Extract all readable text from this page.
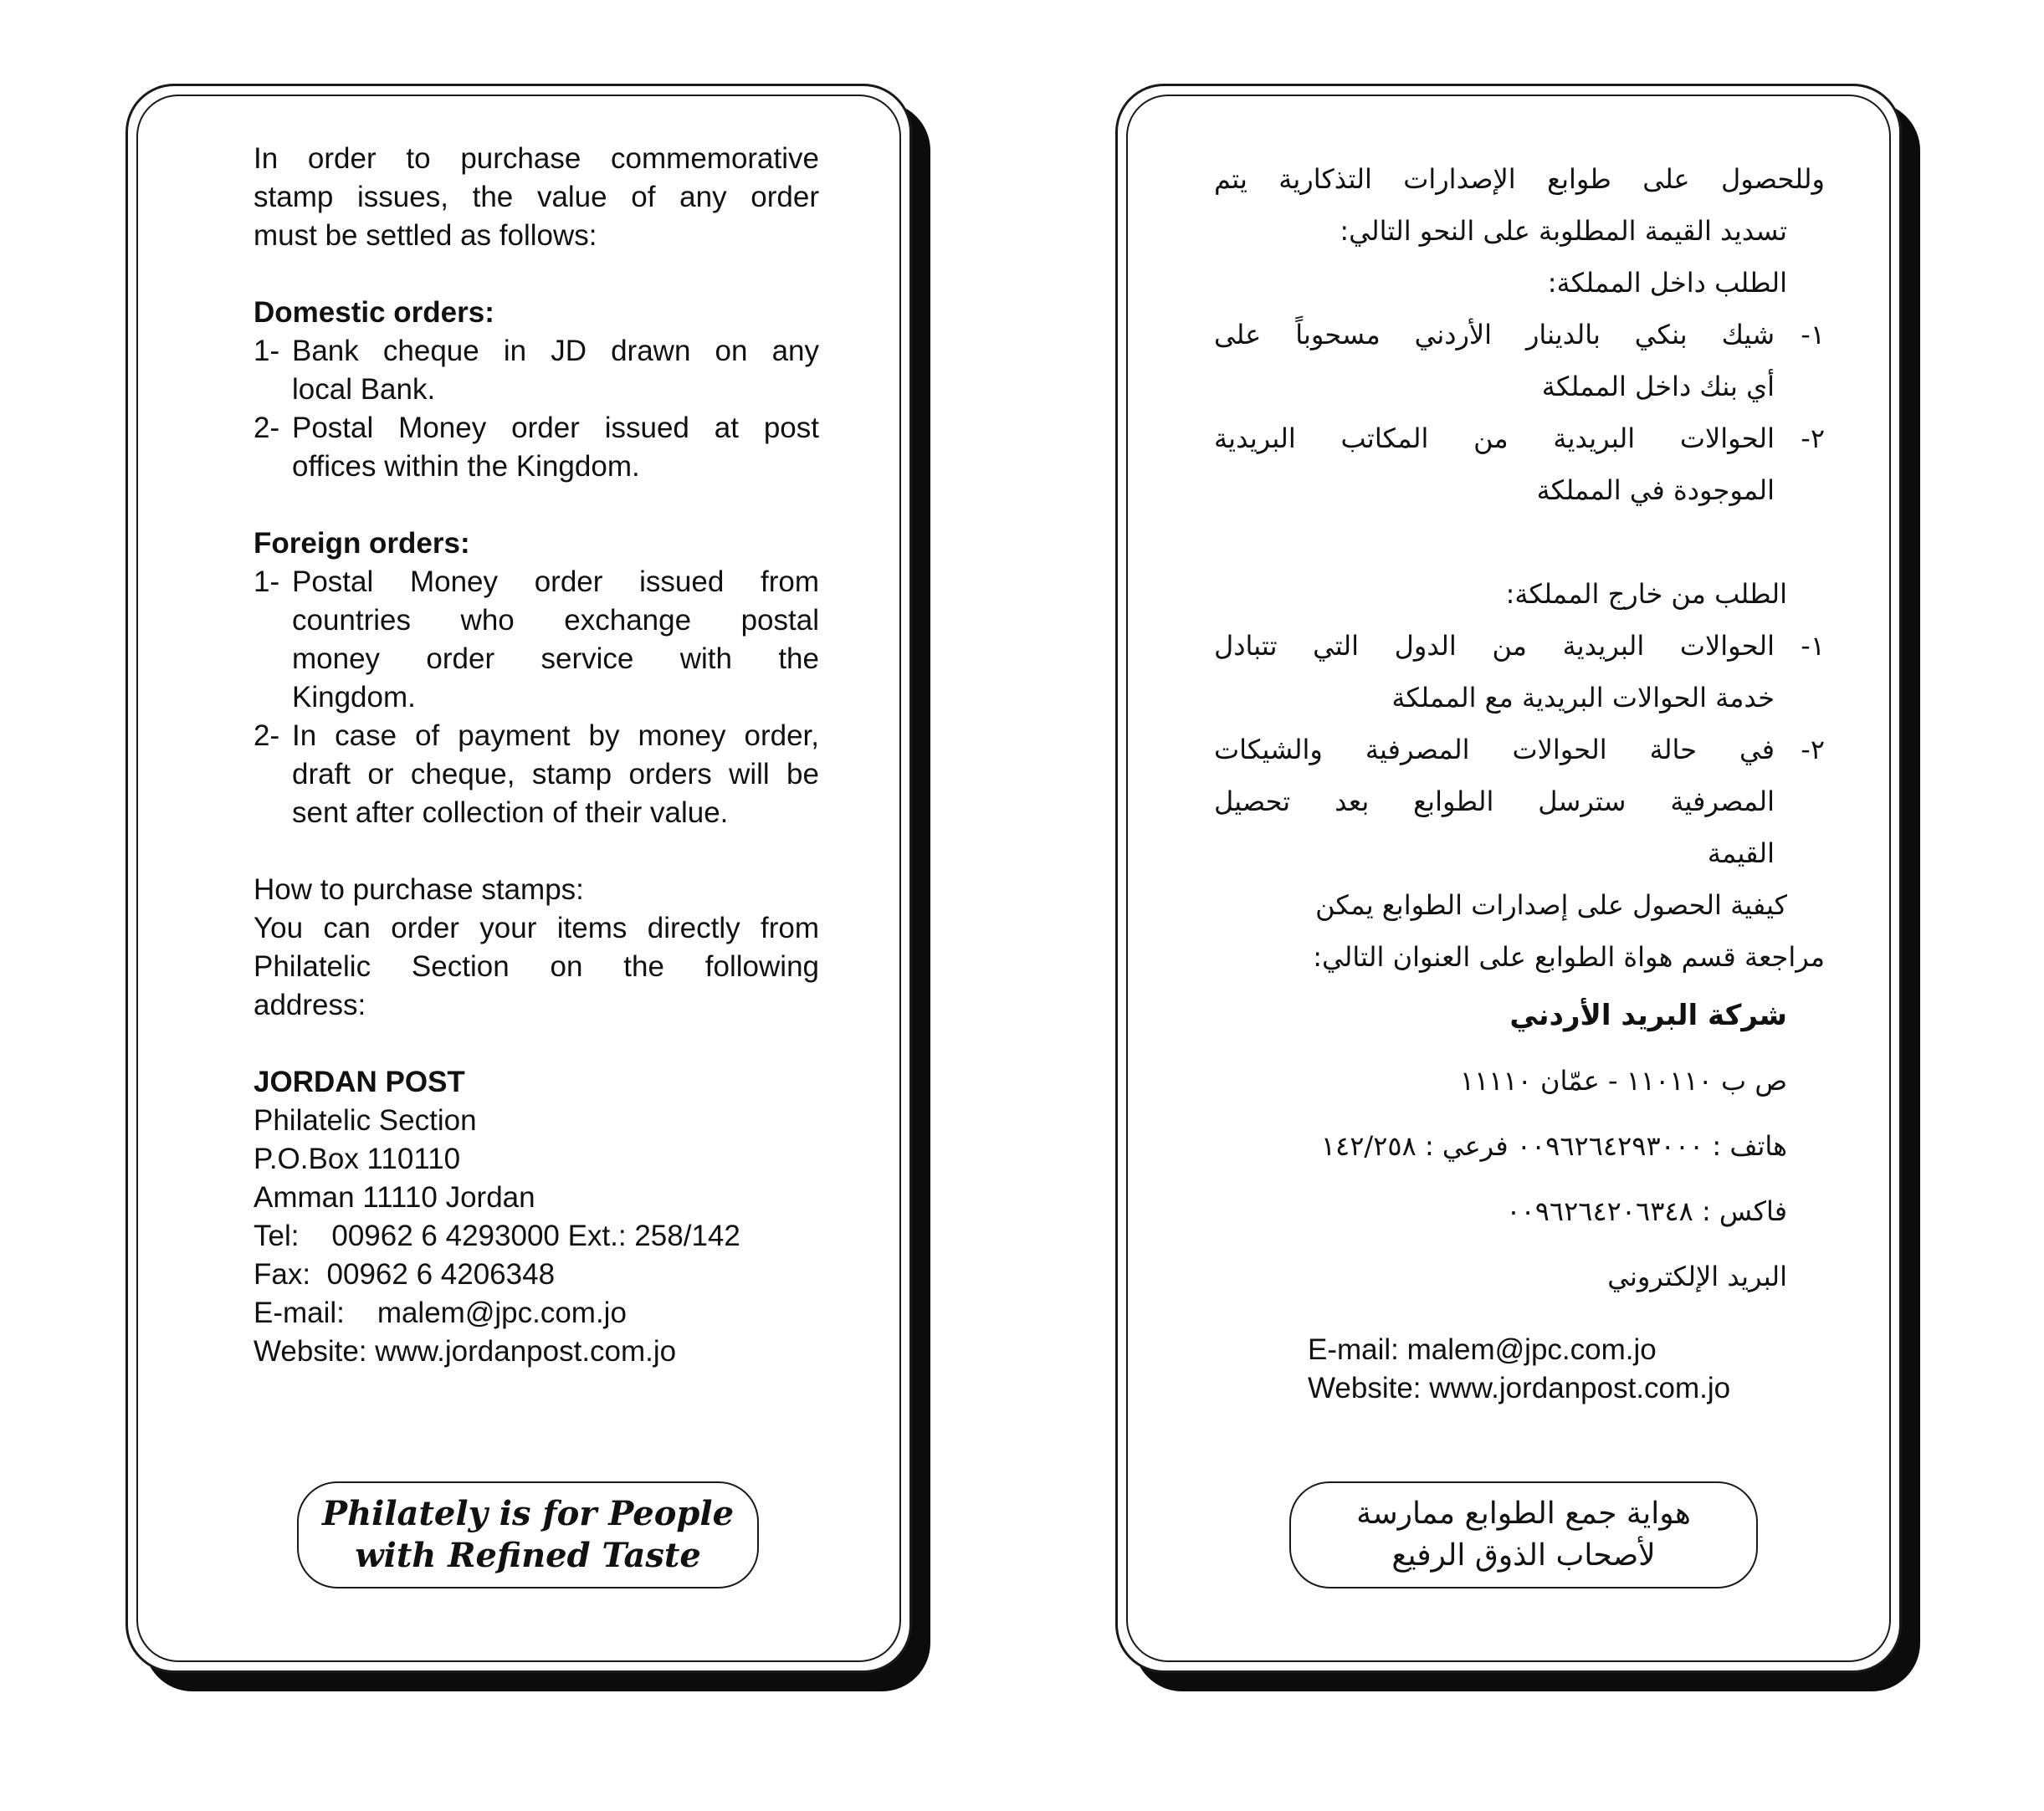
In order to purchase commemorative

stamp issues, the value of any order

must be settled as follows:

Domestic orders:

1- Bank cheque in JD drawn on any

local Bank.

2- Postal Money order issued at post

offices within the Kingdom.

Foreign orders:

1- Postal Money order issued from

countries who exchange postal

money order service with the

Kingdom.

2- In case of payment by money order,

draft or cheque, stamp orders will be

sent after collection of their value.

How to purchase stamps:

You can order your items directly from

Philatelic Section on the following

address:

JORDAN POST

Philatelic Section

P.O.Box 110110

Amman 11110 Jordan

Tel: 00962 6 4293000 Ext.: 258/142

Fax: 00962 6 4206348

E-mail: malem@jpc.com.jo

Website: www.jordanpost.com.jo

Philately is for People
with Refined Taste

وللحصول على طوابع الإصدارات التذكارية يتم

تسديد القيمة المطلوبة على النحو التالي:

الطلب داخل المملكة:

١-

شيك بنكي بالدينار الأردني مسحوباً على

أي بنك داخل المملكة

٢-

الحوالات البريدية من المكاتب البريدية

الموجودة في المملكة

الطلب من خارج المملكة:

١-

الحوالات البريدية من الدول التي تتبادل

خدمة الحوالات البريدية مع المملكة

٢-

في حالة الحوالات المصرفية والشيكات

المصرفية سترسل الطوابع بعد تحصيل

القيمة

كيفية الحصول على إصدارات الطوابع يمكن

مراجعة قسم هواة الطوابع على العنوان التالي:

شركة البريد الأردني

ص ب ١١٠١١٠ - عمّان ١١١١٠

هاتف : ٠٠٩٦٢٦٤٢٩٣٠٠٠ فرعي : ١٤٢/٢٥٨

فاكس : ٠٠٩٦٢٦٤٢٠٦٣٤٨

البريد الإلكتروني

E-mail: malem@jpc.com.jo

Website: www.jordanpost.com.jo

هواية جمع الطوابع ممارسة
لأصحاب الذوق الرفيع
